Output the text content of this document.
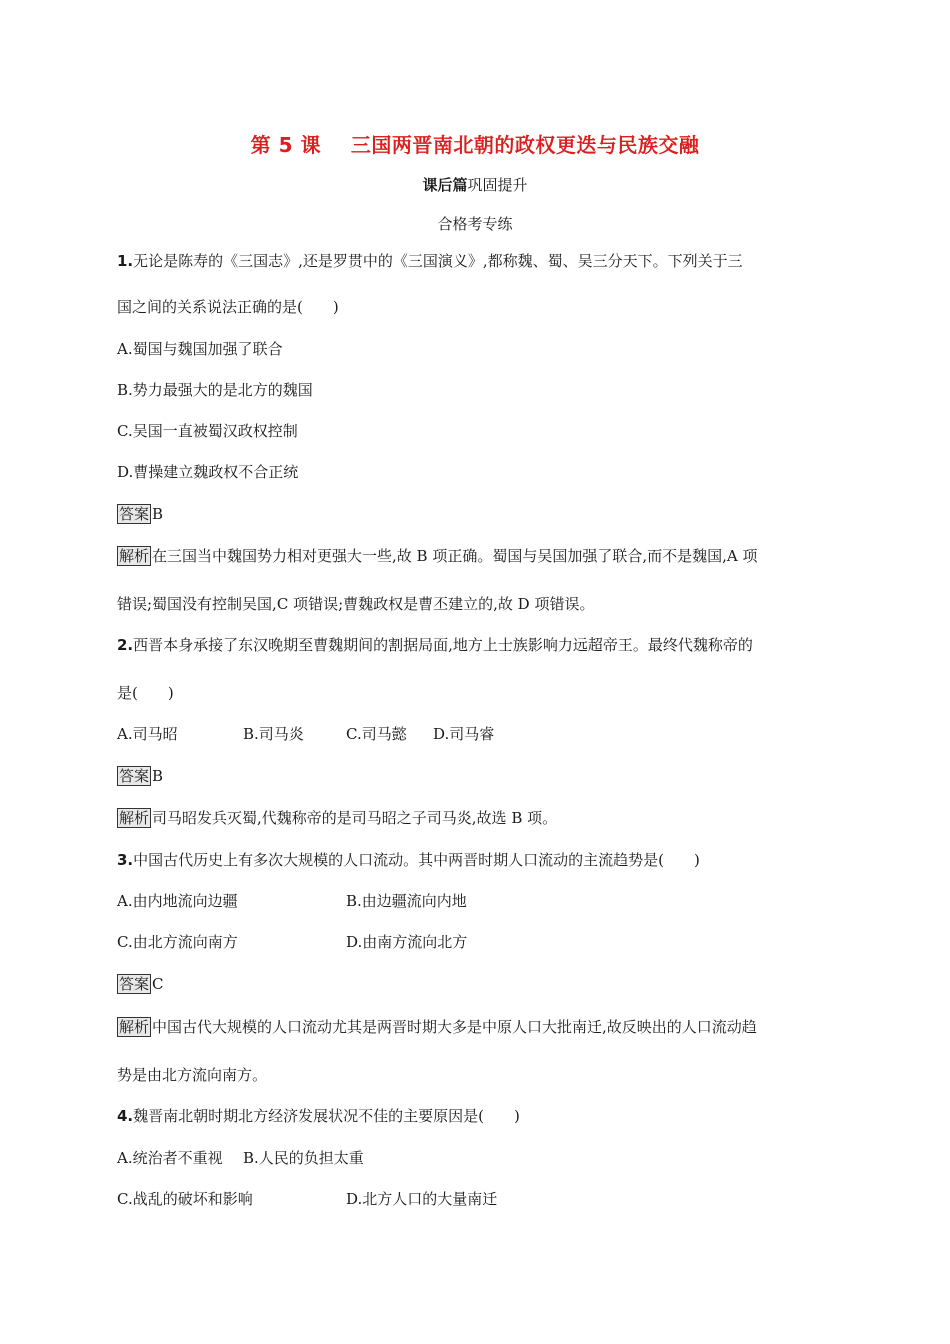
第 5 课    三国两晋南北朝的政权更迭与民族交融
课后篇巩固提升
合格考专练
1.无论是陈寿的《三国志》,还是罗贯中的《三国演义》,都称魏、蜀、吴三分天下。下列关于三
国之间的关系说法正确的是(　　)
A.蜀国与魏国加强了联合
B.势力最强大的是北方的魏国
C.吴国一直被蜀汉政权控制
D.曹操建立魏政权不合正统
答案 B
解析 在三国当中魏国势力相对更强大一些,故 B 项正确。蜀国与吴国加强了联合,而不是魏国,A 项
错误;蜀国没有控制吴国,C 项错误;曹魏政权是曹丕建立的,故 D 项错误。
2.西晋本身承接了东汉晚期至曹魏期间的割据局面,地方上士族影响力远超帝王。最终代魏称帝的
是(　　)
A.司马昭	B.司马炎	C.司马懿 D.司马睿
答案 B
解析 司马昭发兵灭蜀,代魏称帝的是司马昭之子司马炎,故选 B 项。
3.中国古代历史上有多次大规模的人口流动。其中两晋时期人口流动的主流趋势是(　　)
A.由内地流向边疆	B.由边疆流向内地
C.由北方流向南方	D.由南方流向北方
答案 C
解析 中国古代大规模的人口流动尤其是两晋时期大多是中原人口大批南迁,故反映出的人口流动趋
势是由北方流向南方。
4.魏晋南北朝时期北方经济发展状况不佳的主要原因是(　　)
A.统治者不重视 B.人民的负担太重
C.战乱的破坏和影响	D.北方人口的大量南迁
